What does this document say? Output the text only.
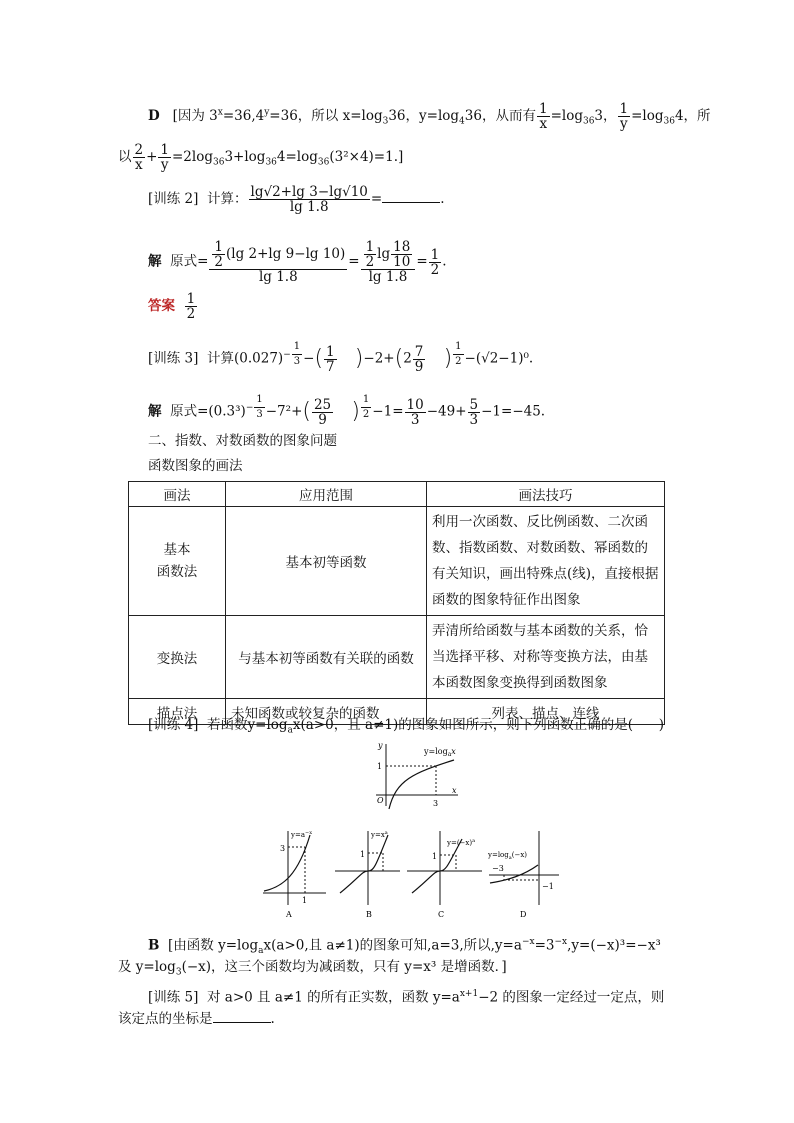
D [因为 $3^x=36,4^y=36$，所以 $x=\log_336$，$y=\log_436$，从而有 $\frac{1}{x} =\log_{36}3$， $\frac{1}{y} =\log_{36}4$，所
以 $\frac{2}{x} + \frac{1}{y} =2\log_{36}3+\log_{36}4=\log_{36}(3^2\times 4)=1$.]
[训练 2] 计算： $\frac{\lg√2+\lg 3-\lg√10}{\lg 1.8}$ =	.
解 原式= $\frac{\frac{1}{2} (\lg 2+\lg 9-\lg 10)}{\lg 1.8} = \frac{\frac{1}{2} \lg \frac{18}{10}}{\lg 1.8} = \frac{1}{2}$ .
答案 $\frac{1}{2}$
[训练 3] 计算$(0.027)^{- \frac{1}{3}}$ −( $\frac{1}{7} )-2+(2 \frac{7}{9}$ ) $^{\frac{1}{2}}$ −(√2−1)⁰.
解 原式$=(0.3^3)^{- \frac{1}{3}} -7^2+( \frac{25}{9}$ ) $^{\frac{1}{2}} -1= \frac{10}{3} -49+ \frac{5}{3} -1=-45$.
二、指数、对数函数的图象问题
函数图象的画法
画法	应用范围	画法技巧
基本
函数法	基本初等函数	利用一次函数、反比例函数、二次函数、指数函数、对数函数、幂函数的有关知识，画出特殊点(线)，直接根据函数的图象特征作出图象
变换法	与基本初等函数有关联的函数	弄清所给函数与基本函数的关系，恰当选择平移、对称等变换方法，由基本函数图象变换得到函数图象
描点法	未知函数或较复杂的函数	列表、描点、连线
[训练 4] 若函数$y=\log_ax(a>0$，且 a≠1)的图象如图所示，则下列函数正确的是( )
y
x
1
3
O
$y=\log_ax$
3
1
$y=a^{-x}$
A
1
$y=x^a$
B
1
$y=(-x)^a$
C
−3
−1
$y=\log_a(-x)$
D
B [由函数 $y=\log_ax(a>0$,且 a≠1)的图象可知,a=3,所以$,y=a^{-x}=3^{-x},y=(-x)^3=-x^3$
及 $y=\log_3(-x)$，这三个函数均为减函数，只有 y=x³ 是增函数．]
[训练 5] 对 a>0 且 a≠1 的所有正实数，函数 $y=a^{x+1}-2$ 的图象一定经过一定点，则
该定点的坐标是	.
